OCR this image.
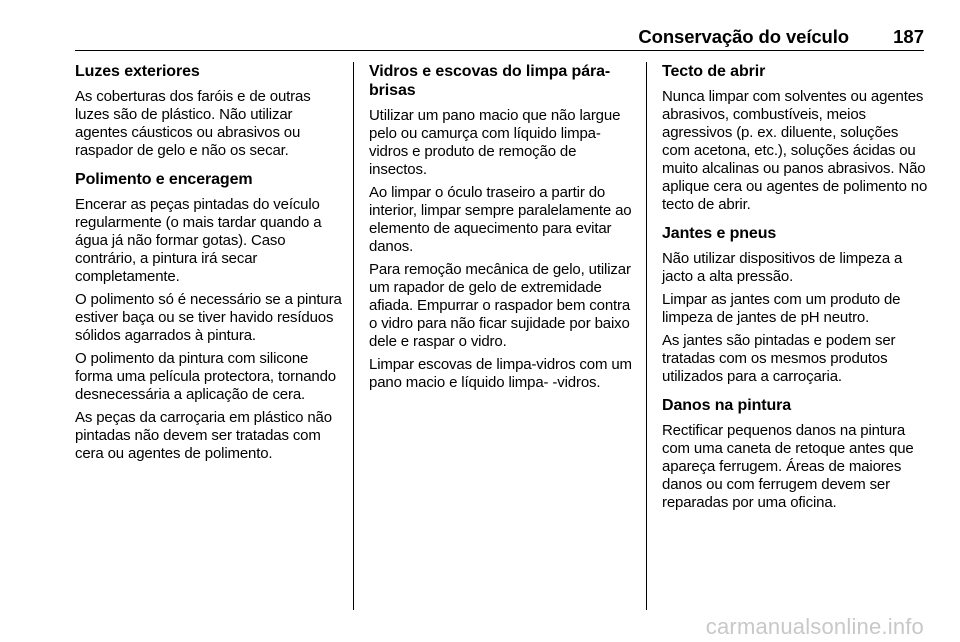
Conservação do veículo 187
Luzes exteriores

As coberturas dos faróis e de outras luzes são de plástico. Não utilizar agentes cáusticos ou abrasivos ou raspador de gelo e não os secar.

Polimento e enceragem

Encerar as peças pintadas do veículo regularmente (o mais tardar quando a água já não formar gotas). Caso contrário, a pintura irá secar completamente.

O polimento só é necessário se a pintura estiver baça ou se tiver havido resíduos sólidos agarrados à pintura.

O polimento da pintura com silicone forma uma película protectora, tornando desnecessária a aplicação de cera.

As peças da carroçaria em plástico não pintadas não devem ser tratadas com cera ou agentes de polimento.

Vidros e escovas do limpa pára-brisas

Utilizar um pano macio que não largue pelo ou camurça com líquido limpa-vidros e produto de remoção de insectos.

Ao limpar o óculo traseiro a partir do interior, limpar sempre paralelamente ao elemento de aquecimento para evitar danos.

Para remoção mecânica de gelo, utilizar um rapador de gelo de extremidade afiada. Empurrar o raspador bem contra o vidro para não ficar sujidade por baixo dele e raspar o vidro.

Limpar escovas de limpa-vidros com um pano macio e líquido limpa- -vidros.

Tecto de abrir

Nunca limpar com solventes ou agentes abrasivos, combustíveis, meios agressivos (p. ex. diluente, soluções com acetona, etc.), soluções ácidas ou muito alcalinas ou panos abrasivos. Não aplique cera ou agentes de polimento no tecto de abrir.

Jantes e pneus

Não utilizar dispositivos de limpeza a jacto a alta pressão.

Limpar as jantes com um produto de limpeza de jantes de pH neutro.

As jantes são pintadas e podem ser tratadas com os mesmos produtos utilizados para a carroçaria.

Danos na pintura

Rectificar pequenos danos na pintura com uma caneta de retoque antes que apareça ferrugem. Áreas de maiores danos ou com ferrugem devem ser reparadas por uma oficina.

carmanualsonline.info
